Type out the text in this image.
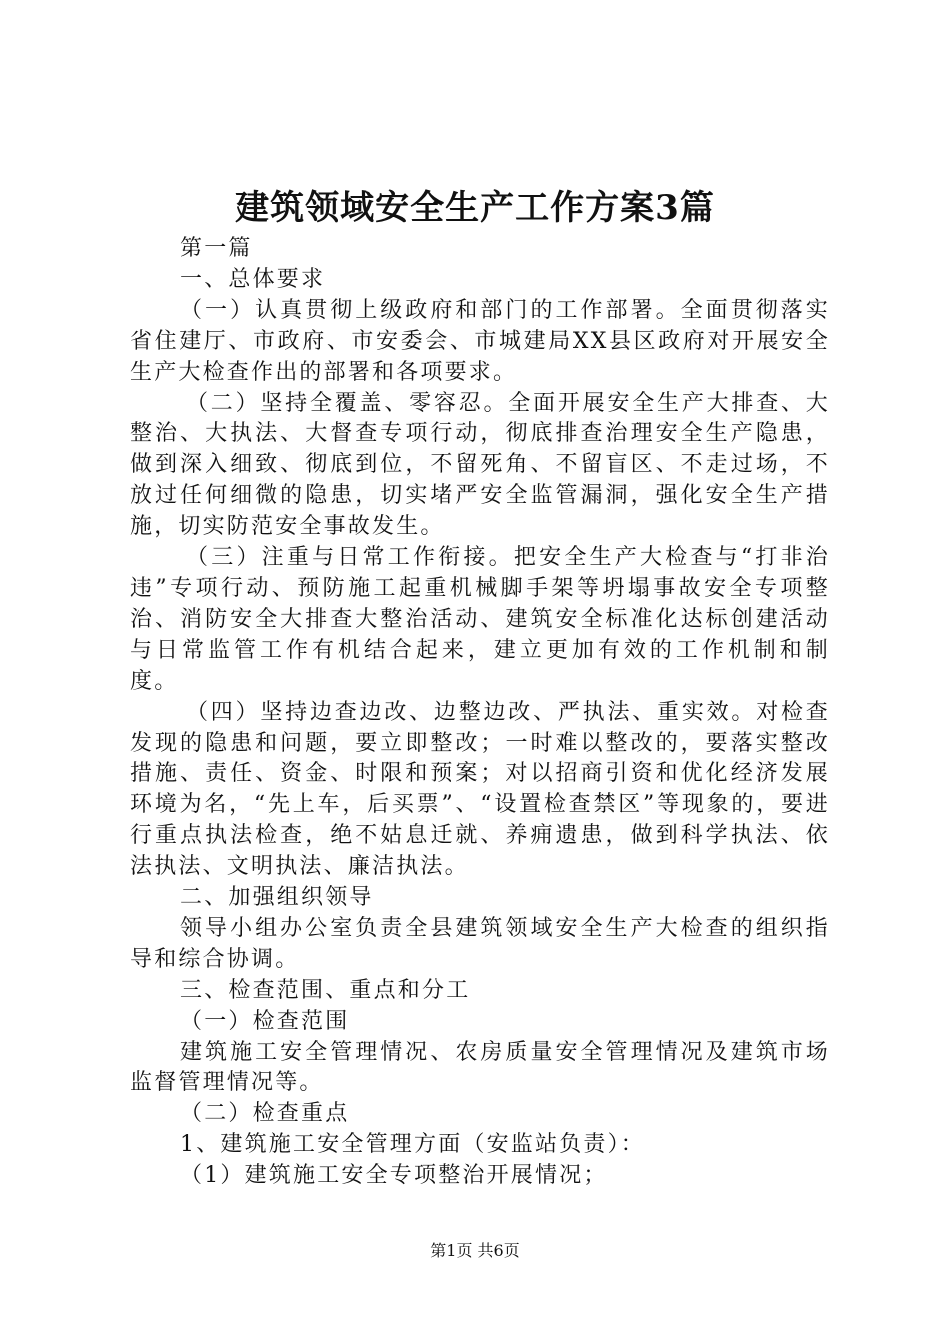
建筑领域安全生产工作方案3篇

第一篇

一、总体要求

（一）认真贯彻上级政府和部门的工作部署。全面贯彻落实省住建厅、市政府、市安委会、市城建局XX县区政府对开展安全生产大检查作出的部署和各项要求。

（二）坚持全覆盖、零容忍。全面开展安全生产大排查、大整治、大执法、大督查专项行动，彻底排查治理安全生产隐患，做到深入细致、彻底到位，不留死角、不留盲区、不走过场，不放过任何细微的隐患，切实堵严安全监管漏洞，强化安全生产措施，切实防范安全事故发生。

（三）注重与日常工作衔接。把安全生产大检查与“打非治违”专项行动、预防施工起重机械脚手架等坍塌事故安全专项整治、消防安全大排查大整治活动、建筑安全标准化达标创建活动与日常监管工作有机结合起来，建立更加有效的工作机制和制度。

（四）坚持边查边改、边整边改、严执法、重实效。对检查发现的隐患和问题，要立即整改；一时难以整改的，要落实整改措施、责任、资金、时限和预案；对以招商引资和优化经济发展环境为名，“先上车，后买票”、“设置检查禁区”等现象的，要进行重点执法检查，绝不姑息迁就、养痈遗患，做到科学执法、依法执法、文明执法、廉洁执法。

二、加强组织领导

领导小组办公室负责全县建筑领域安全生产大检查的组织指导和综合协调。

三、检查范围、重点和分工

（一）检查范围

建筑施工安全管理情况、农房质量安全管理情况及建筑市场监督管理情况等。

（二）检查重点

1、建筑施工安全管理方面（安监站负责）：

（1）建筑施工安全专项整治开展情况；

第1页 共6页
